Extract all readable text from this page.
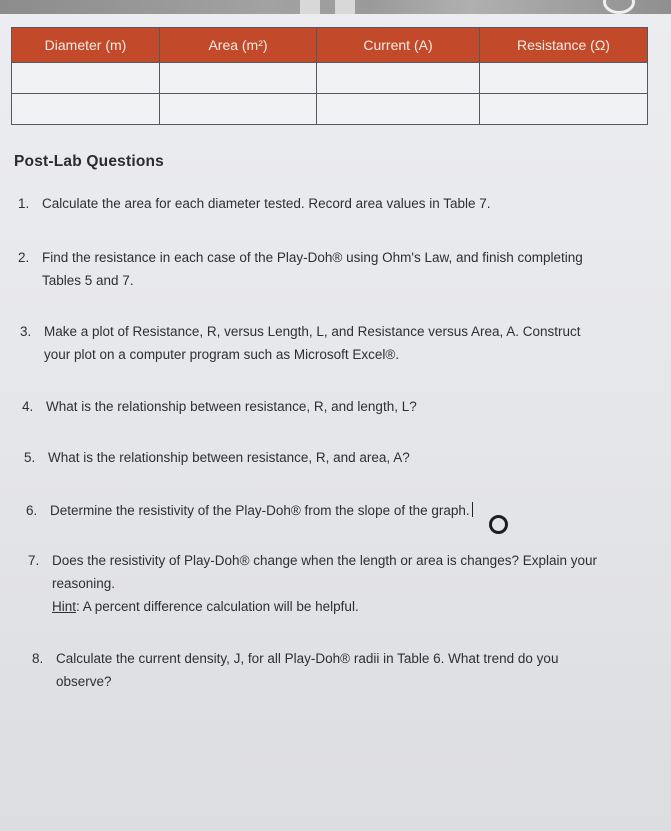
Diameter (m)	Area (m²)	Current (A)	Resistance (Ω)

Post-Lab Questions
1. Calculate the area for each diameter tested. Record area values in Table 7.
2. Find the resistance in each case of the Play-Doh® using Ohm's Law, and finish completing
Tables 5 and 7.
3. Make a plot of Resistance, R, versus Length, L, and Resistance versus Area, A. Construct
your plot on a computer program such as Microsoft Excel®.
4. What is the relationship between resistance, R, and length, L?
5. What is the relationship between resistance, R, and area, A?
6. Determine the resistivity of the Play-Doh® from the slope of the graph.
7. Does the resistivity of Play-Doh® change when the length or area is changes? Explain your
reasoning.
Hint: A percent difference calculation will be helpful.
8. Calculate the current density, J, for all Play-Doh® radii in Table 6. What trend do you
observe?
